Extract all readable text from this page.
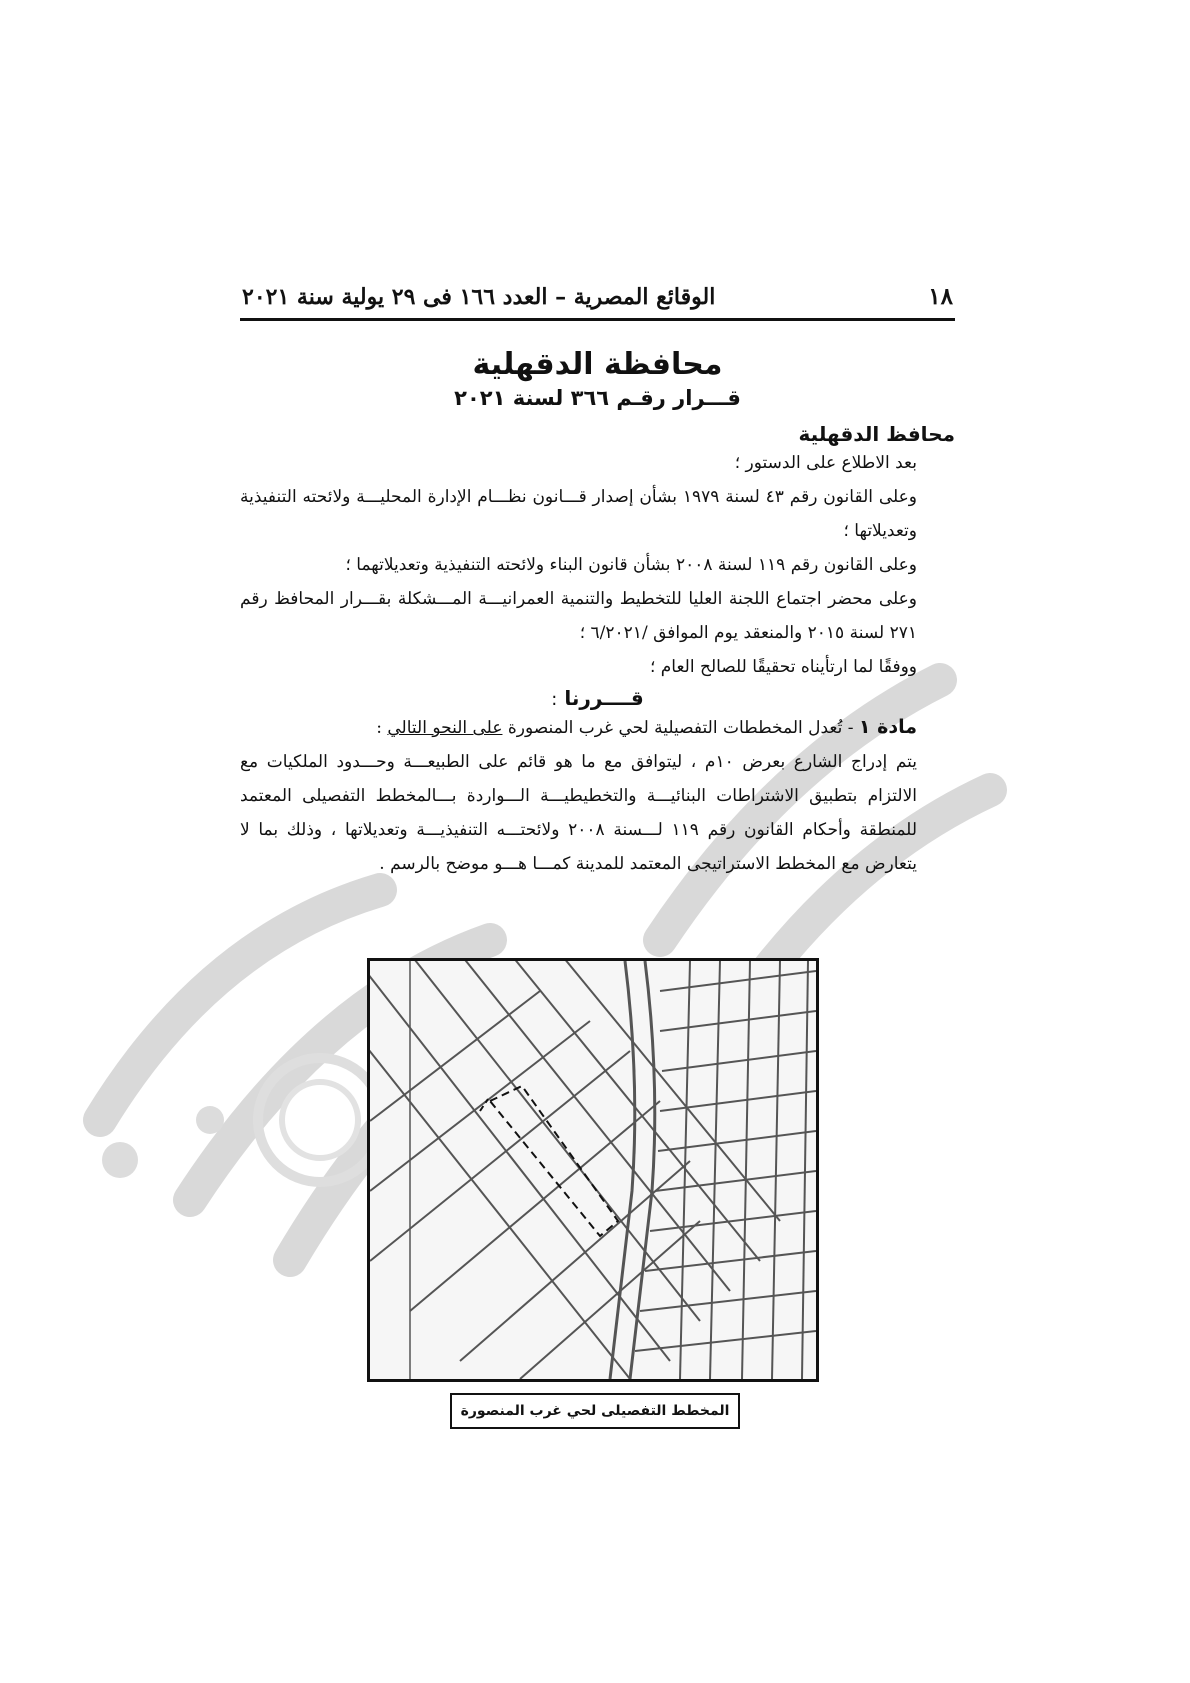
١٨
الوقائع المصرية – العدد ١٦٦ فى ٢٩ يولية سنة ٢٠٢١
محافظة الدقهلية
قـــرار رقـم ٣٦٦ لسنة ٢٠٢١
محافظ الدقهلية
بعد الاطلاع على الدستور ؛
وعلى القانون رقم ٤٣ لسنة ١٩٧٩ بشأن إصدار قـــانون نظـــام الإدارة المحليـــة ولائحته التنفيذية وتعديلاتها ؛
وعلى القانون رقم ١١٩ لسنة ٢٠٠٨ بشأن قانون البناء ولائحته التنفيذية وتعديلاتهما ؛
وعلى محضر اجتماع اللجنة العليا للتخطيط والتنمية العمرانيـــة المـــشكلة بقـــرار المحافظ رقم ٢٧١ لسنة ٢٠١٥ والمنعقد يوم الموافق /٦/٢٠٢١ ؛
ووفقًا لما ارتأيناه تحقيقًا للصالح العام ؛
قــــررنا :
مادة ١ - تُعدل المخططات التفصيلية لحي غرب المنصورة على النحو التالي :
يتم إدراج الشارع بعرض ١٠م ، ليتوافق مع ما هو قائم على الطبيعـــة وحـــدود الملكيات مع الالتزام بتطبيق الاشتراطات البنائيـــة والتخطيطيـــة الـــواردة بـــالمخطط التفصيلى المعتمد للمنطقة وأحكام القانون رقم ١١٩ لـــسنة ٢٠٠٨ ولائحتـــه التنفيذيـــة وتعديلاتها ، وذلك بما لا يتعارض مع المخطط الاستراتيجى المعتمد للمدينة كمـــا هـــو موضح بالرسم .
المخطط التفصيلى لحي غرب المنصورة
